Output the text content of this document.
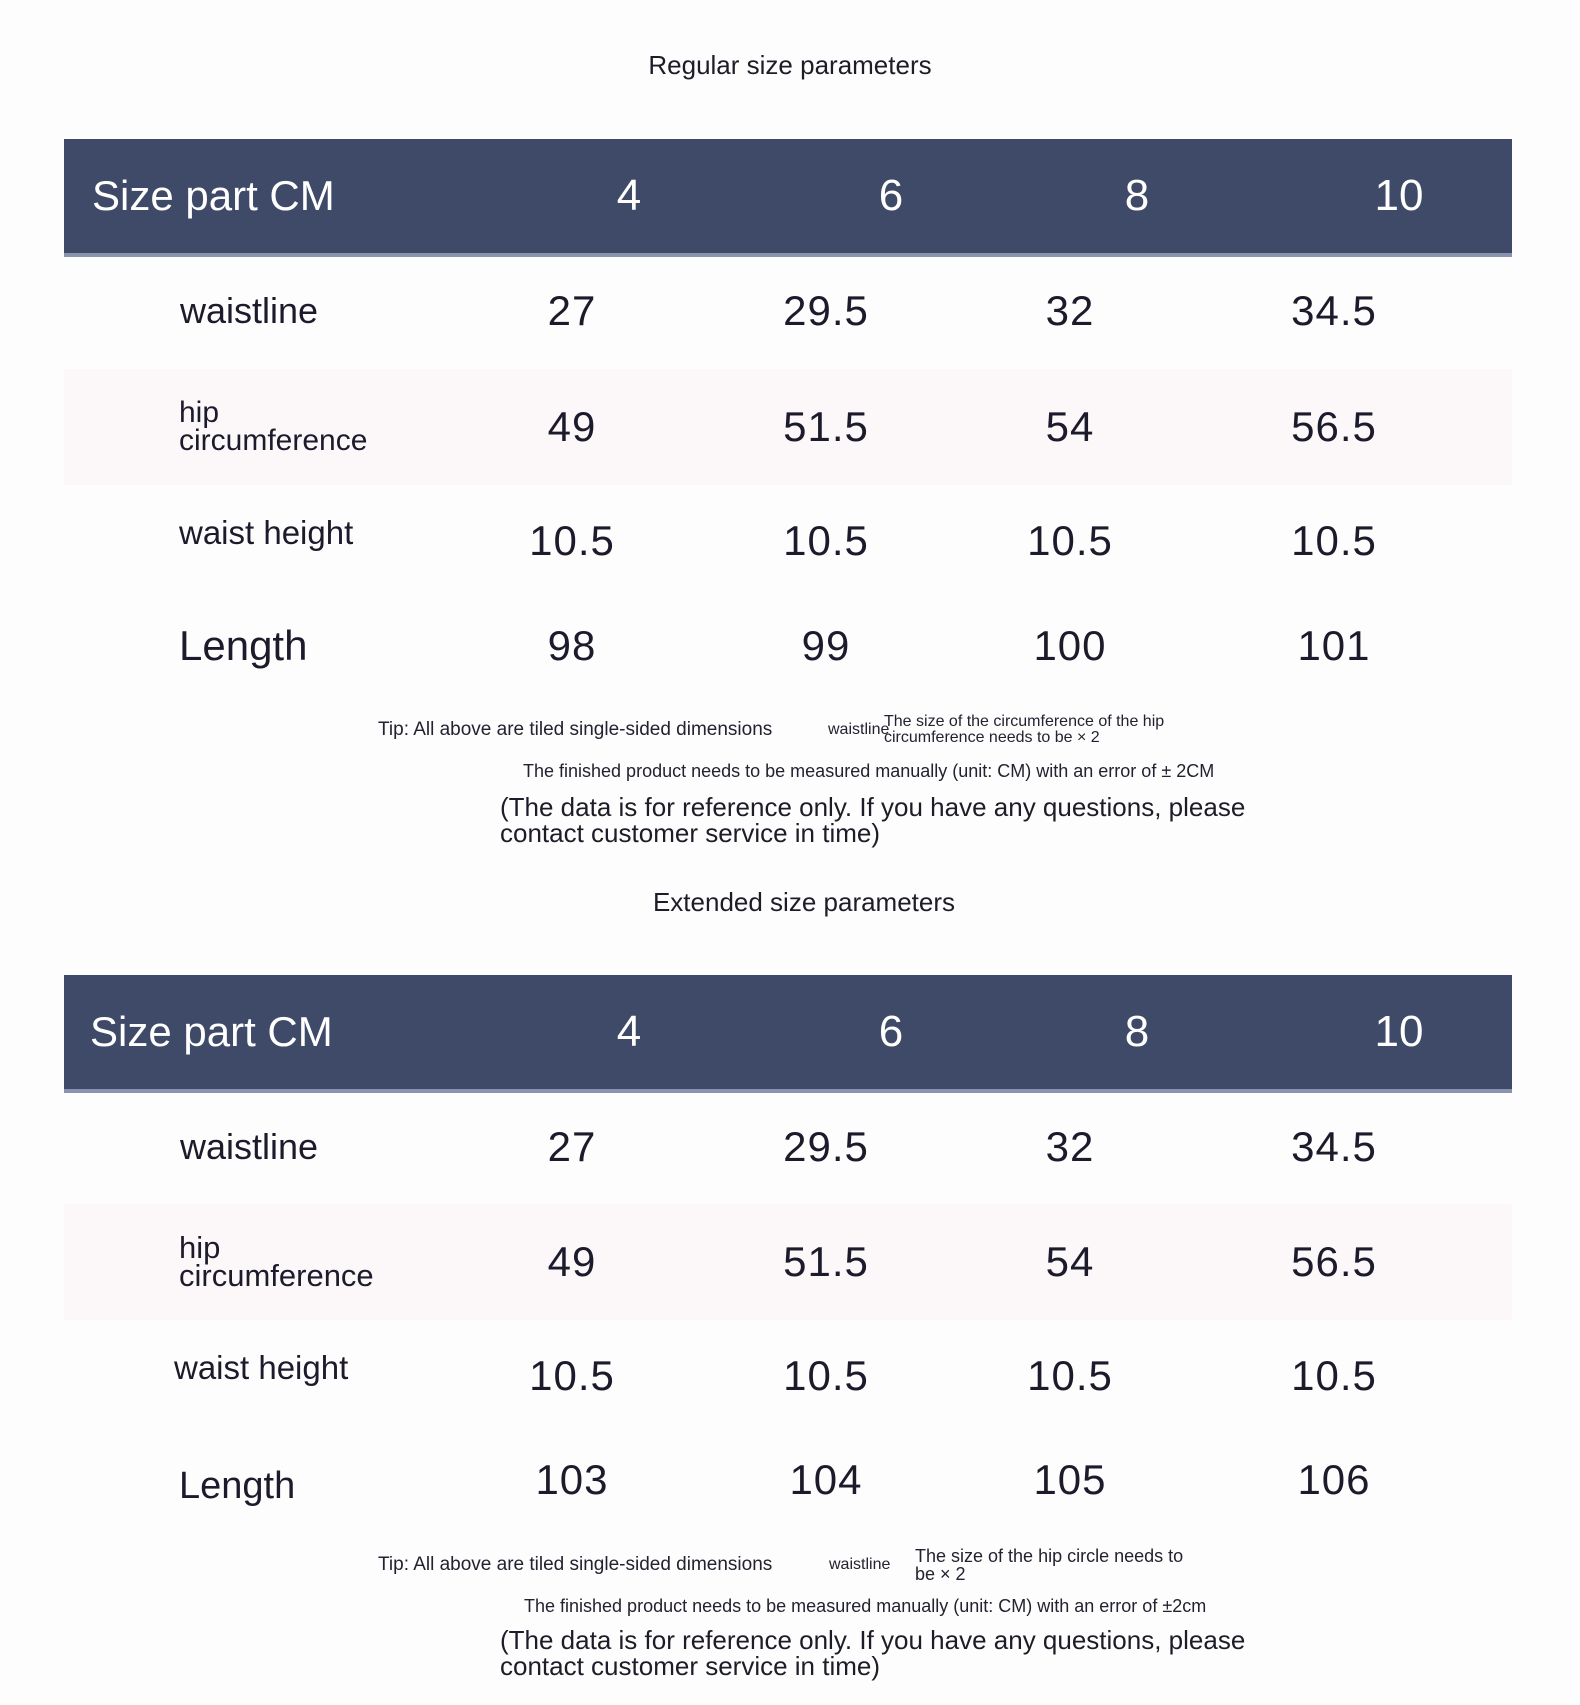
Regular size parameters
Size part CM	4	6	8	10
waistline	27	29.5	32	34.5
hip circumference	49	51.5	54	56.5
waist height	10.5	10.5	10.5	10.5
Length	98	99	100	101
Tip: All above are tiled single-sided dimensions	waistline
The size of the circumference of the hip circumference needs to be × 2
The finished product needs to be measured manually (unit: CM) with an error of ± 2CM
(The data is for reference only. If you have any questions, please contact customer service in time)
Extended size parameters
Size part CM	4	6	8	10
waistline	27	29.5	32	34.5
hip circumference	49	51.5	54	56.5
waist height	10.5	10.5	10.5	10.5
Length	103	104	105	106
Tip: All above are tiled single-sided dimensions	waistline The size of the hip circle needs to be × 2
The finished product needs to be measured manually (unit: CM) with an error of ±2cm
(The data is for reference only. If you have any questions, please contact customer service in time)
